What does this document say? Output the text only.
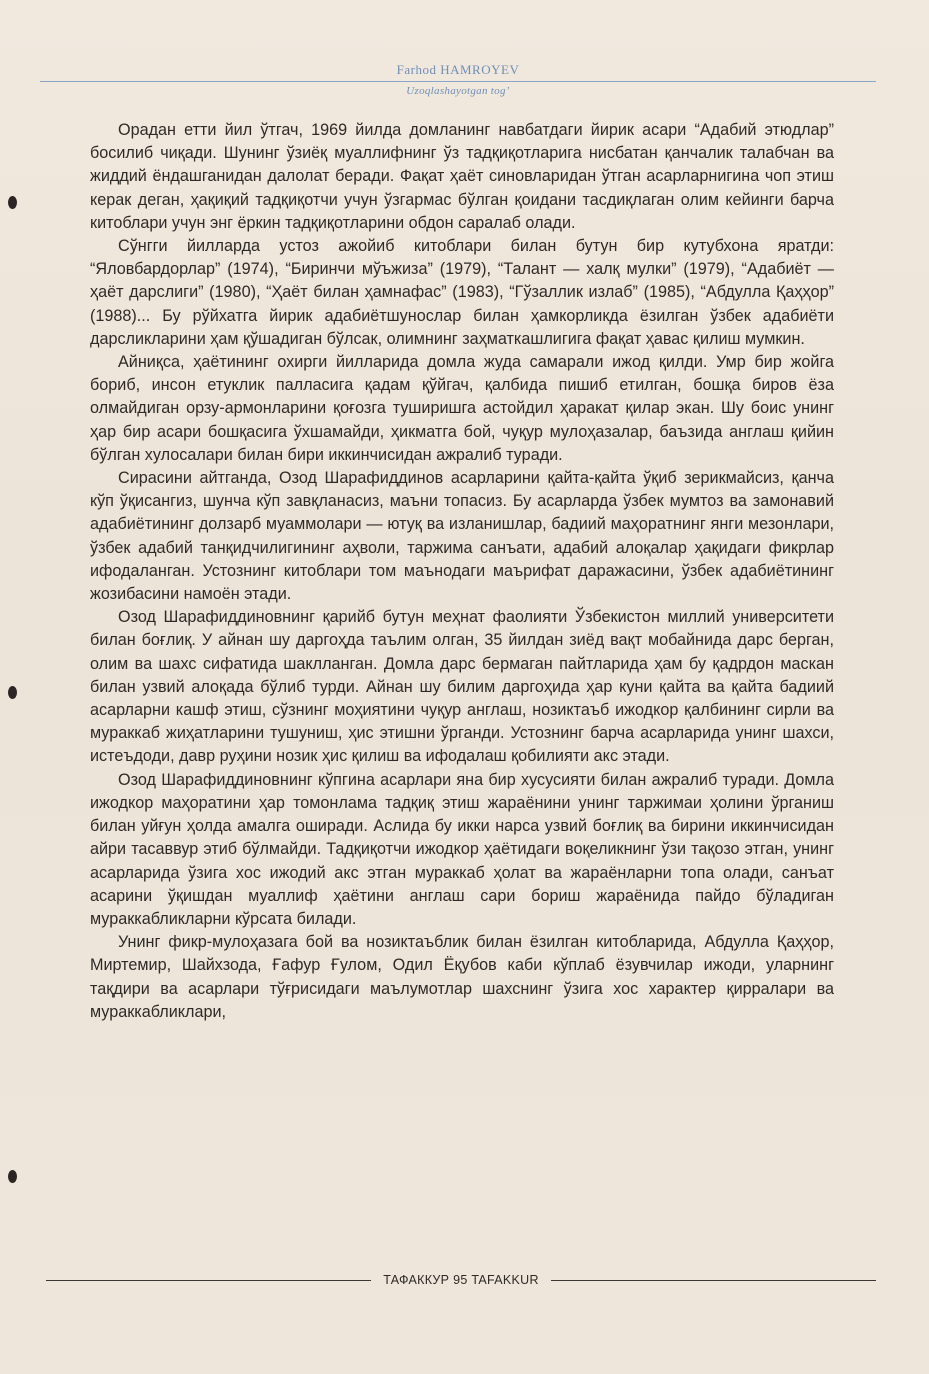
Farhod HAMROYEV
Uzoqlashayotgan tog’

Орадан етти йил ўтгач, 1969 йилда домланинг навбатдаги йирик асари “Адабий этюдлар” босилиб чиқади. Шунинг ўзиёқ муаллифнинг ўз тадқиқотларига нисбатан қанчалик талабчан ва жиддий ёндашганидан далолат беради. Фақат ҳаёт синовларидан ўтган асарларнигина чоп этиш керак деган, ҳақиқий тадқиқотчи учун ўзгармас бўлган қоидани тасдиқлаган олим кейинги барча китоблари учун энг ёркин тадқиқотларини обдон саралаб олади.

Сўнгги йилларда устоз ажойиб китоблари билан бутун бир кутубхона яратди: “Яловбардорлар” (1974), “Биринчи мўъжиза” (1979), “Талант — халқ мулки” (1979), “Адабиёт — ҳаёт дарслиги” (1980), “Ҳаёт билан ҳамнафас” (1983), “Гўзаллик излаб” (1985), “Абдулла Қаҳҳор” (1988)... Бу рўйхатга йирик адабиётшунослар билан ҳамкорликда ёзилган ўзбек адабиёти дарсликларини ҳам қўшадиган бўлсак, олимнинг заҳматкашлигига фақат ҳавас қилиш мумкин.

Айниқса, ҳаётининг охирги йилларида домла жуда самарали ижод қилди. Умр бир жойга бориб, инсон етуклик палласига қадам қўйгач, қалбида пишиб етилган, бошқа биров ёза олмайдиган орзу-армонларини қоғозга туширишга астойдил ҳаракат қилар экан. Шу боис унинг ҳар бир асари бошқасига ўхшамайди, ҳикматга бой, чуқур мулоҳазалар, баъзида англаш қийин бўлган хулосалари билан бири иккинчисидан ажралиб туради.

Сирасини айтганда, Озод Шарафиддинов асарларини қайта-қайта ўқиб зерикмайсиз, қанча кўп ўқисангиз, шунча кўп завқланасиз, маъни топасиз. Бу асарларда ўзбек мумтоз ва замонавий адабиётининг долзарб муаммолари — ютуқ ва изланишлар, бадиий маҳоратнинг янги мезонлари, ўзбек адабий танқидчилигининг аҳволи, таржима санъати, адабий алоқалар ҳақидаги фикрлар ифодаланган. Устознинг китоблари том маънодаги маърифат даражасини, ўзбек адабиётининг жозибасини намоён этади.

Озод Шарафиддиновнинг қарийб бутун меҳнат фаолияти Ўзбекистон миллий университети билан боғлиқ. У айнан шу даргоҳда таълим олган, 35 йилдан зиёд вақт мобайнида дарс берган, олим ва шахс сифатида шаклланган. Домла дарс бермаган пайтларида ҳам бу қадрдон маскан билан узвий алоқада бўлиб турди. Айнан шу билим даргоҳида ҳар куни қайта ва қайта бадиий асарларни кашф этиш, сўзнинг моҳиятини чуқур англаш, нозиктаъб ижодкор қалбининг сирли ва мураккаб жиҳатларини тушуниш, ҳис этишни ўрганди. Устознинг барча асарларида унинг шахси, истеъдоди, давр руҳини нозик ҳис қилиш ва ифодалаш қобилияти акс этади.

Озод Шарафиддиновнинг кўпгина асарлари яна бир хусусияти билан ажралиб туради. Домла ижодкор маҳоратини ҳар томонлама тадқиқ этиш жараёнини унинг таржимаи ҳолини ўрганиш билан уйғун ҳолда амалга оширади. Аслида бу икки нарса узвий боғлиқ ва бирини иккинчисидан айри тасаввур этиб бўлмайди. Тадқиқотчи ижодкор ҳаётидаги воқеликнинг ўзи тақозо этган, унинг асарларида ўзига хос ижодий акс этган мураккаб ҳолат ва жараёнларни топа олади, санъат асарини ўқишдан муаллиф ҳаётини англаш сари бориш жараёнида пайдо бўладиган мураккабликларни кўрсата билади.

Унинг фикр-мулоҳазага бой ва нозиктаъблик билан ёзилган китобларида, Абдулла Қаҳҳор, Миртемир, Шайхзода, Ғафур Ғулом, Одил Ёқубов каби кўплаб ёзувчилар ижоди, уларнинг тақдири ва асарлари тўғрисидаги маълумотлар шахснинг ўзига хос характер қирралари ва мураккабликлари,

ТАФАККУР 95 TAFAKKUR
